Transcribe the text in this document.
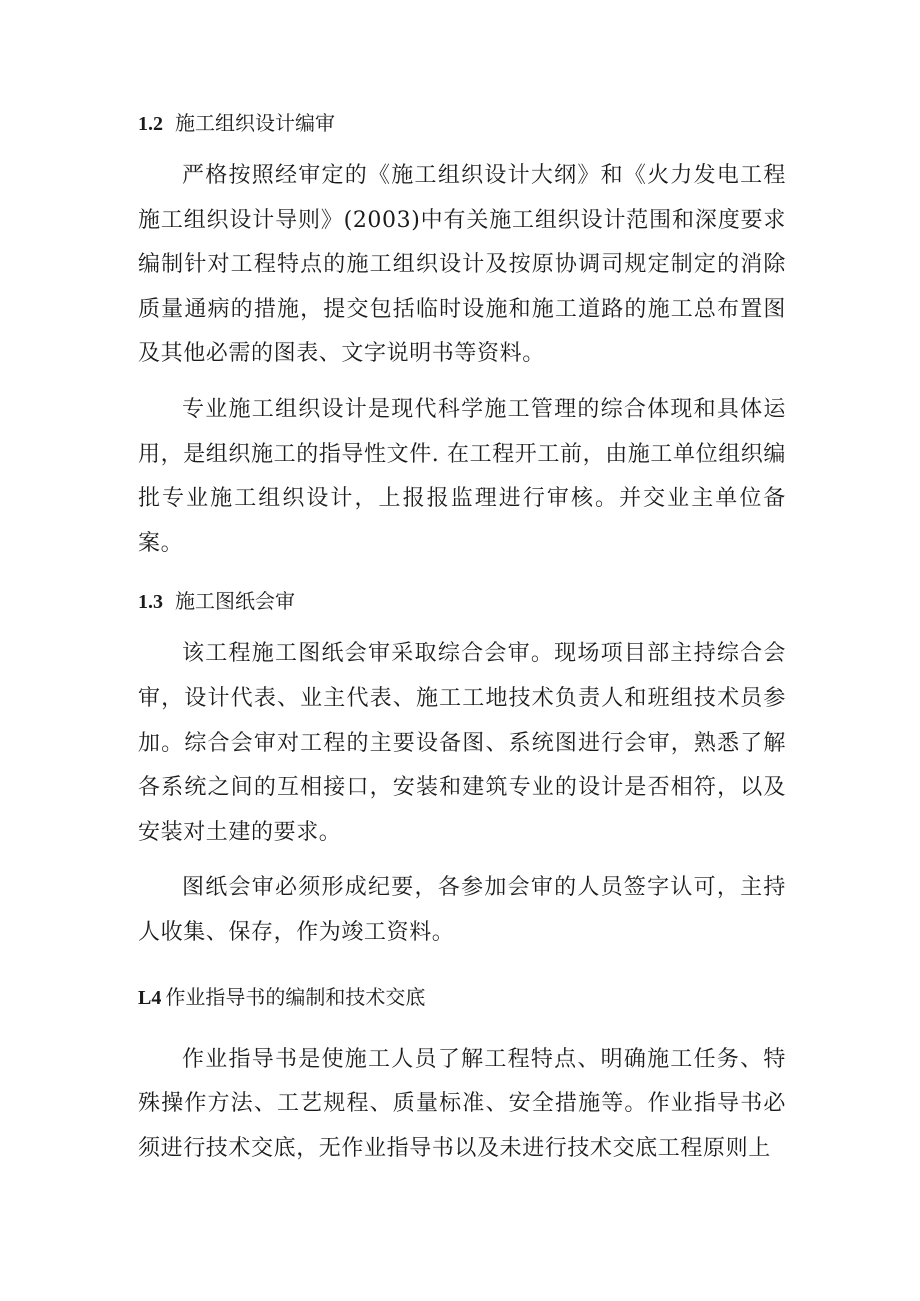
1.2 施工组织设计编审

严格按照经审定的《施工组织设计大纲》和《火力发电工程施工组织设计导则》(2003)中有关施工组织设计范围和深度要求编制针对工程特点的施工组织设计及按原协调司规定制定的消除质量通病的措施，提交包括临时设施和施工道路的施工总布置图及其他必需的图表、文字说明书等资料。

专业施工组织设计是现代科学施工管理的综合体现和具体运用，是组织施工的指导性文件. 在工程开工前，由施工单位组织编批专业施工组织设计，上报报监理进行审核。并交业主单位备案。

1.3 施工图纸会审

该工程施工图纸会审采取综合会审。现场项目部主持综合会审，设计代表、业主代表、施工工地技术负责人和班组技术员参加。综合会审对工程的主要设备图、系统图进行会审，熟悉了解各系统之间的互相接口，安装和建筑专业的设计是否相符，以及安装对土建的要求。

图纸会审必须形成纪要，各参加会审的人员签字认可，主持人收集、保存，作为竣工资料。

L4 作业指导书的编制和技术交底

作业指导书是使施工人员了解工程特点、明确施工任务、特殊操作方法、工艺规程、质量标准、安全措施等。作业指导书必须进行技术交底，无作业指导书以及未进行技术交底工程原则上
